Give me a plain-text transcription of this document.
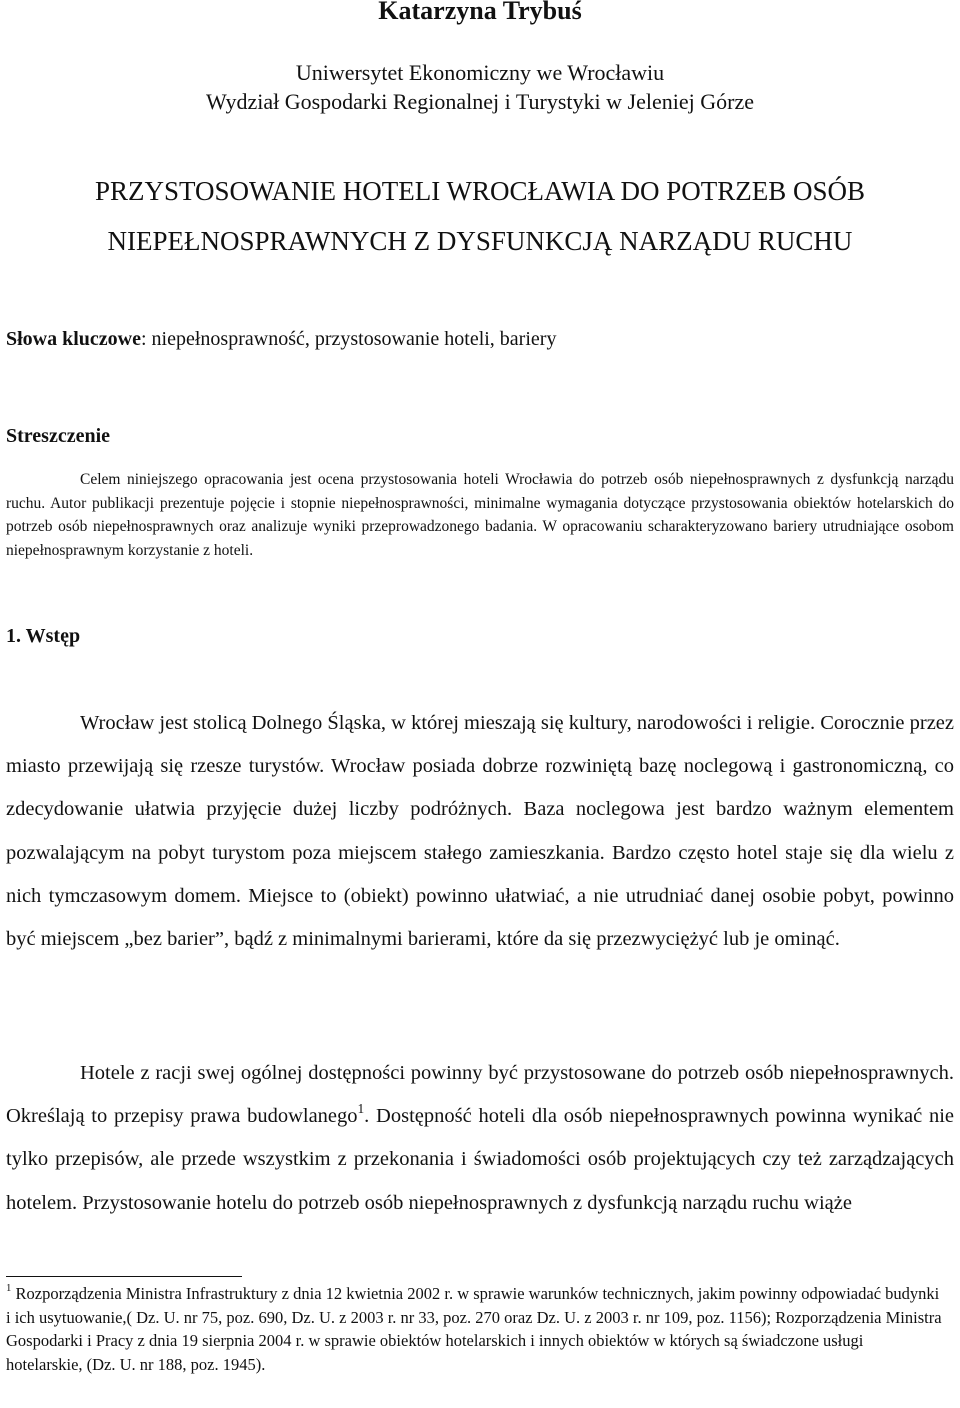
Katarzyna Trybuś
Uniwersytet Ekonomiczny we Wrocławiu
Wydział Gospodarki Regionalnej i Turystyki w Jeleniej Górze
PRZYSTOSOWANIE HOTELI WROCŁAWIA DO POTRZEB OSÓB
NIEPEŁNOSPRAWNYCH Z DYSFUNKCJĄ NARZĄDU RUCHU
Słowa kluczowe: niepełnosprawność, przystosowanie hoteli, bariery
Streszczenie

Celem niniejszego opracowania jest ocena przystosowania hoteli Wrocławia do potrzeb osób niepełnosprawnych z dysfunkcją narządu ruchu. Autor publikacji prezentuje pojęcie i stopnie niepełnosprawności, minimalne wymagania dotyczące przystosowania obiektów hotelarskich do potrzeb osób niepełnosprawnych oraz analizuje wyniki przeprowadzonego badania. W opracowaniu scharakteryzowano bariery utrudniające osobom niepełnosprawnym korzystanie z hoteli.

1. Wstęp

Wrocław jest stolicą Dolnego Śląska, w której mieszają się kultury, narodowości i religie. Corocznie przez miasto przewijają się rzesze turystów. Wrocław posiada dobrze rozwiniętą bazę noclegową i gastronomiczną, co zdecydowanie ułatwia przyjęcie dużej liczby podróżnych. Baza noclegowa jest bardzo ważnym elementem pozwalającym na pobyt turystom poza miejscem stałego zamieszkania. Bardzo często hotel staje się dla wielu z nich tymczasowym domem. Miejsce to (obiekt) powinno ułatwiać, a nie utrudniać danej osobie pobyt, powinno być miejscem „bez barier”, bądź z minimalnymi barierami, które da się przezwyciężyć lub je ominąć.

Hotele z racji swej ogólnej dostępności powinny być przystosowane do potrzeb osób niepełnosprawnych. Określają to przepisy prawa budowlanego$^1$. Dostępność hoteli dla osób niepełnosprawnych powinna wynikać nie tylko przepisów, ale przede wszystkim z przekonania i świadomości osób projektujących czy też zarządzających hotelem. Przystosowanie hotelu do potrzeb osób niepełnosprawnych z dysfunkcją narządu ruchu wiąże

$^1$ Rozporządzenia Ministra Infrastruktury z dnia 12 kwietnia 2002 r. w sprawie warunków technicznych, jakim powinny odpowiadać budynki i ich usytuowanie,( Dz. U. nr 75, poz. 690, Dz. U. z 2003 r. nr 33, poz. 270 oraz Dz. U. z 2003 r. nr 109, poz. 1156); Rozporządzenia Ministra Gospodarki i Pracy z dnia 19 sierpnia 2004 r. w sprawie obiektów hotelarskich i innych obiektów w których są świadczone usługi hotelarskie, (Dz. U. nr 188, poz. 1945).
